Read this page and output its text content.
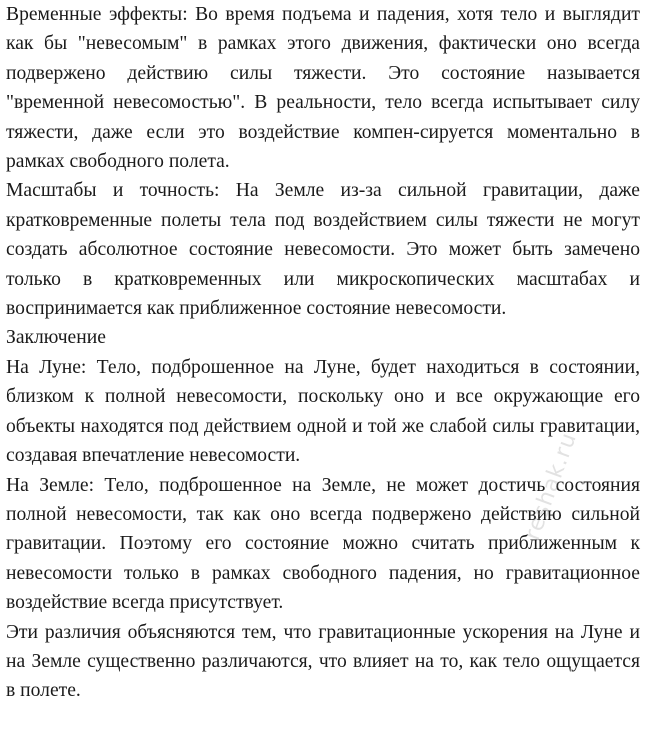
Временные эффекты: Во время подъема и падения, хотя тело и выглядит как бы "невесомым" в рамках этого движения, фактически оно всегда подвержено действию силы тяжести. Это состояние называется "временной невесомостью". В реальности, тело всегда испытывает силу тяжести, даже если это воздействие компен-сируется моментально в рамках свободного полета.

Масштабы и точность: На Земле из-за сильной гравитации, даже кратковременные полеты тела под воздействием силы тяжести не могут создать абсолютное состояние невесомости. Это может быть замечено только в кратковременных или микроскопических масштабах и воспринимается как приближенное состояние невесомости.

Заключение

На Луне: Тело, подброшенное на Луне, будет находиться в состоянии, близком к полной невесомости, поскольку оно и все окружающие его объекты находятся под действием одной и той же слабой силы гравитации, создавая впечатление невесомости.

На Земле: Тело, подброшенное на Земле, не может достичь состояния полной невесомости, так как оно всегда подвержено действию сильной гравитации. Поэтому его состояние можно считать приближенным к невесомости только в рамках свободного падения, но гравитационное воздействие всегда присутствует.

Эти различия объясняются тем, что гравитационные ускорения на Луне и на Земле существенно различаются, что влияет на то, как тело ощущается в полете.

reshak.ru
